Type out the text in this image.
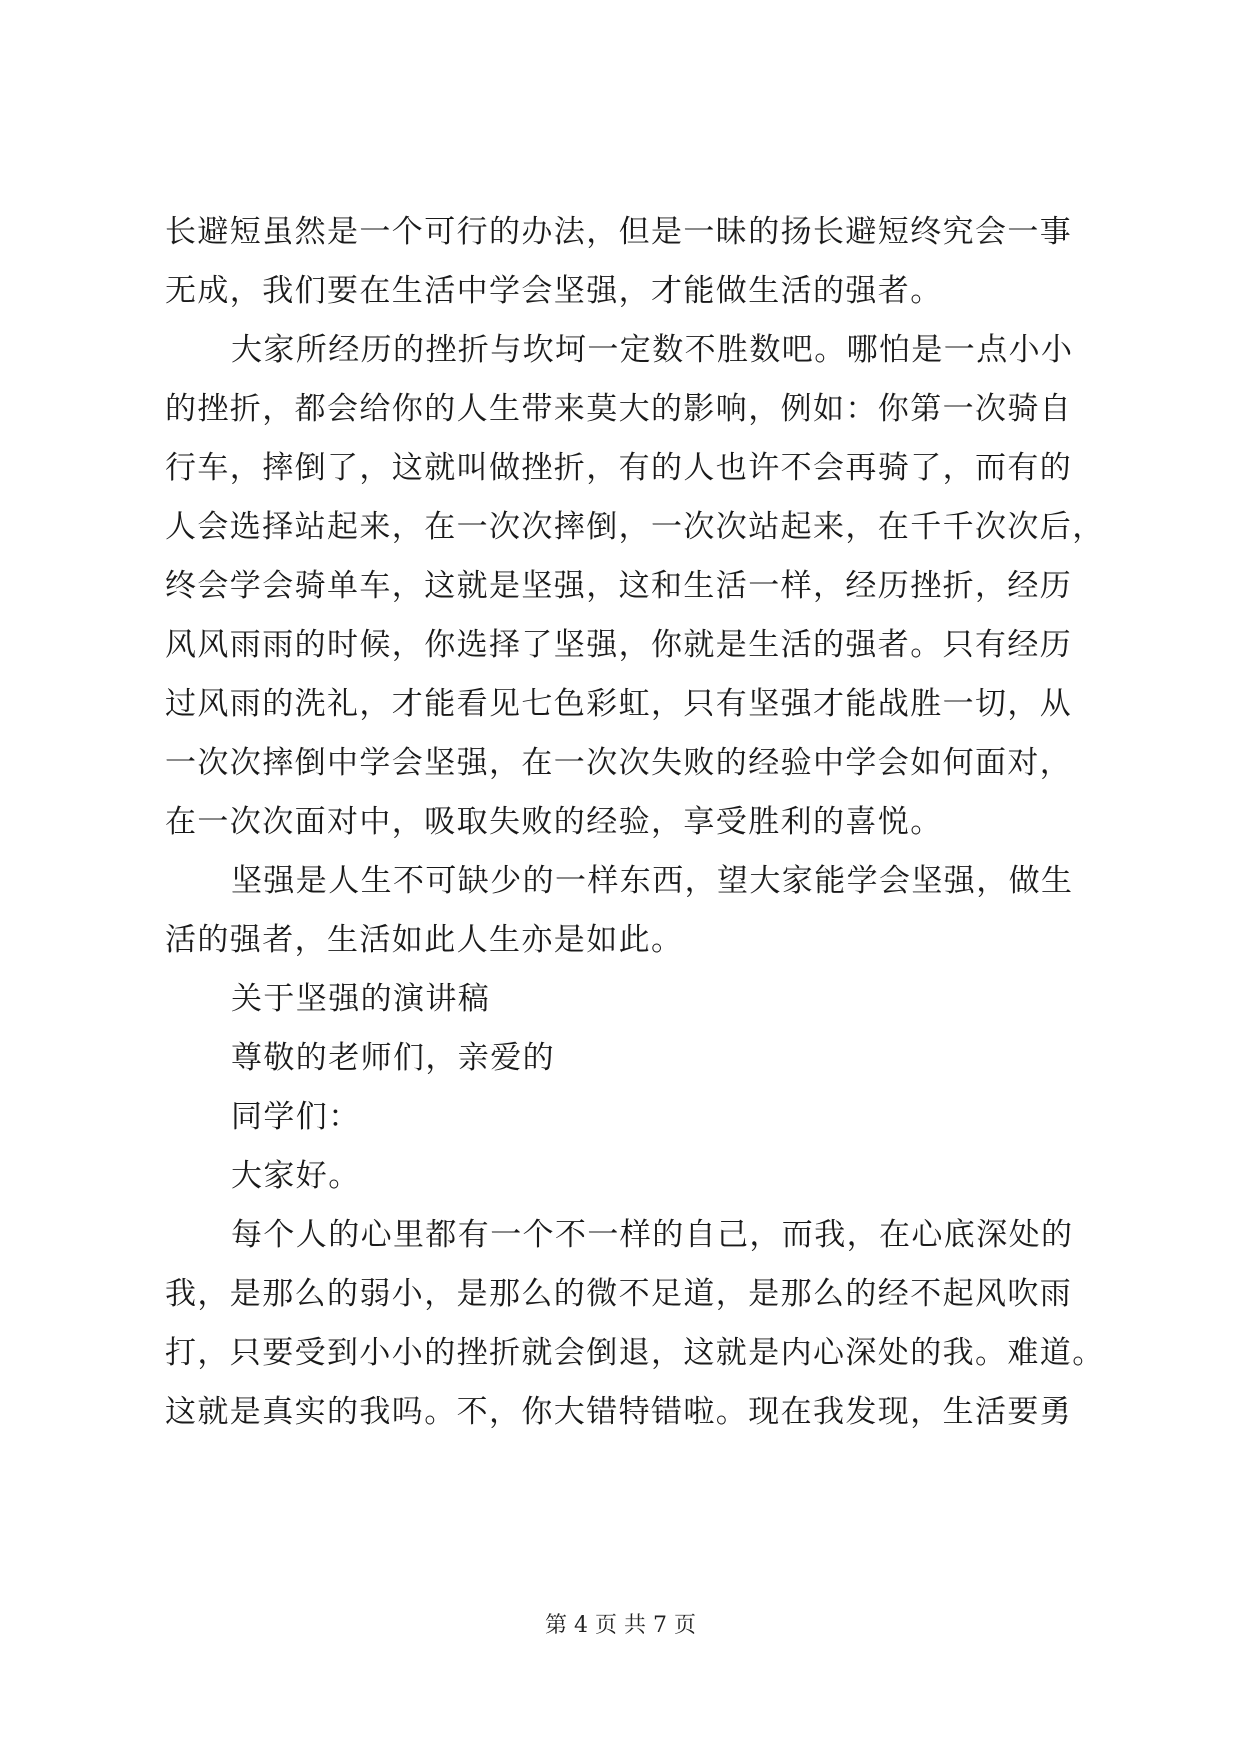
长避短虽然是一个可行的办法，但是一昧的扬长避短终究会一事
无成，我们要在生活中学会坚强，才能做生活的强者。
大家所经历的挫折与坎坷一定数不胜数吧。哪怕是一点小小
的挫折，都会给你的人生带来莫大的影响，例如：你第一次骑自
行车，摔倒了，这就叫做挫折，有的人也许不会再骑了，而有的
人会选择站起来，在一次次摔倒，一次次站起来，在千千次次后，
终会学会骑单车，这就是坚强，这和生活一样，经历挫折，经历
风风雨雨的时候，你选择了坚强，你就是生活的强者。只有经历
过风雨的洗礼，才能看见七色彩虹，只有坚强才能战胜一切，从
一次次摔倒中学会坚强，在一次次失败的经验中学会如何面对，
在一次次面对中，吸取失败的经验，享受胜利的喜悦。
坚强是人生不可缺少的一样东西，望大家能学会坚强，做生
活的强者，生活如此人生亦是如此。
关于坚强的演讲稿
尊敬的老师们，亲爱的
同学们：
大家好。
每个人的心里都有一个不一样的自己，而我，在心底深处的
我，是那么的弱小，是那么的微不足道，是那么的经不起风吹雨
打，只要受到小小的挫折就会倒退，这就是内心深处的我。难道。
这就是真实的我吗。不，你大错特错啦。现在我发现，生活要勇
第 4 页 共 7 页
